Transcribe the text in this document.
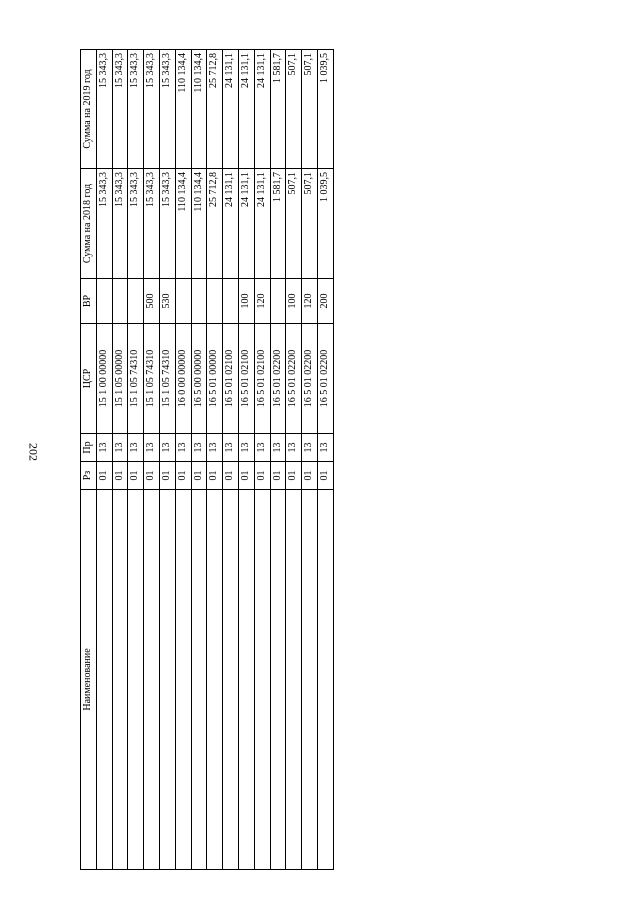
202
Наименование	Рз	Пр	ЦСР	ВР	Сумма на 2018 год	Сумма на 2019 год
	01	13	15 1 00 00000		15 343,3	15 343,3
	01	13	15 1 05 00000		15 343,3	15 343,3
	01	13	15 1 05 74310		15 343,3	15 343,3
	01	13	15 1 05 74310	500	15 343,3	15 343,3
	01	13	15 1 05 74310	530	15 343,3	15 343,3
	01	13	16 0 00 00000		110 134,4	110 134,4
	01	13	16 5 00 00000		110 134,4	110 134,4
	01	13	16 5 01 00000		25 712,8	25 712,8
	01	13	16 5 01 02100		24 131,1	24 131,1
	01	13	16 5 01 02100	100	24 131,1	24 131,1
	01	13	16 5 01 02100	120	24 131,1	24 131,1
	01	13	16 5 01 02200		1 581,7	1 581,7
	01	13	16 5 01 02200	100	507,1	507,1
	01	13	16 5 01 02200	120	507,1	507,1
	01	13	16 5 01 02200	200	1 039,5	1 039,5
